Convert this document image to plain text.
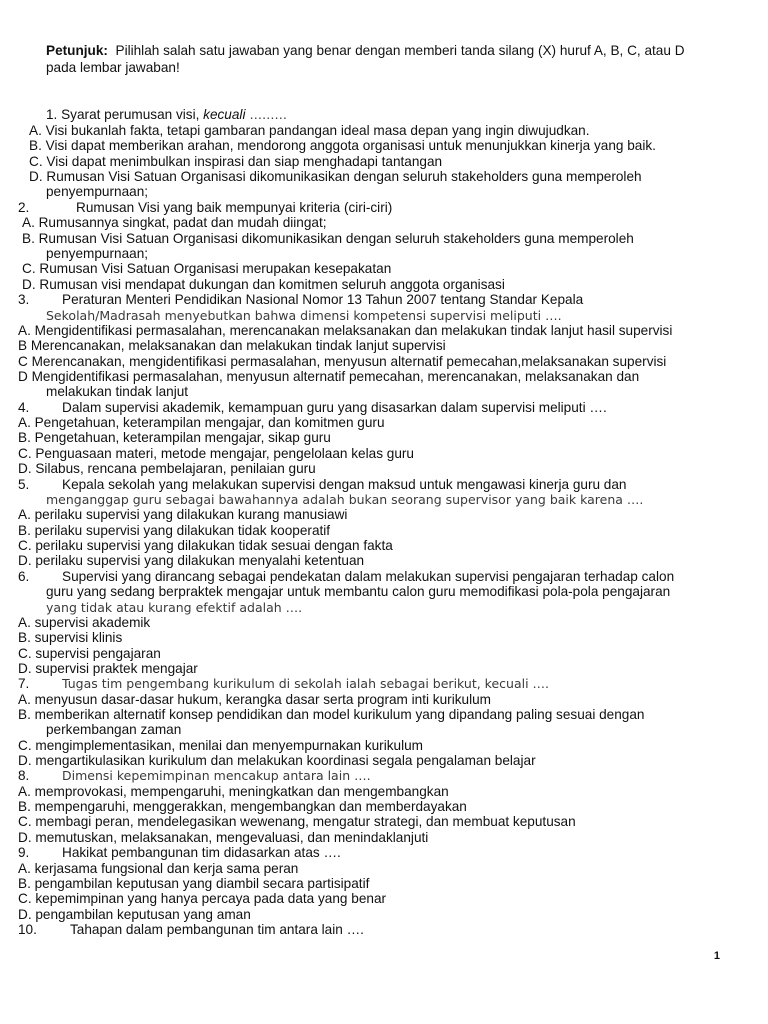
Petunjuk: Pilihlah salah satu jawaban yang benar dengan memberi tanda silang (X) huruf A, B, C, atau D
pada lembar jawaban!
1. Syarat perumusan visi, kecuali ………
A. Visi bukanlah fakta, tetapi gambaran pandangan ideal masa depan yang ingin diwujudkan.
B. Visi dapat memberikan arahan, mendorong anggota organisasi untuk menunjukkan kinerja yang baik.
C. Visi dapat menimbulkan inspirasi dan siap menghadapi tantangan
D. Rumusan Visi Satuan Organisasi dikomunikasikan dengan seluruh stakeholders guna memperoleh
penyempurnaan;
2.	Rumusan Visi yang baik mempunyai kriteria (ciri-ciri)
A. Rumusannya singkat, padat dan mudah diingat;
B. Rumusan Visi Satuan Organisasi dikomunikasikan dengan seluruh stakeholders guna memperoleh
penyempurnaan;
C. Rumusan Visi Satuan Organisasi merupakan kesepakatan
D. Rumusan visi mendapat dukungan dan komitmen seluruh anggota organisasi
3. Peraturan Menteri Pendidikan Nasional Nomor 13 Tahun 2007 tentang Standar Kepala
Sekolah/Madrasah menyebutkan bahwa dimensi kompetensi supervisi meliputi ….
A. Mengidentifikasi permasalahan, merencanakan melaksanakan dan melakukan tindak lanjut hasil supervisi
B Merencanakan, melaksanakan dan melakukan tindak lanjut supervisi
C Merencanakan, mengidentifikasi permasalahan, menyusun alternatif pemecahan,melaksanakan supervisi
D Mengidentifikasi permasalahan, menyusun alternatif pemecahan, merencanakan, melaksanakan dan
melakukan tindak lanjut
4. Dalam supervisi akademik, kemampuan guru yang disasarkan dalam supervisi meliputi ….
A. Pengetahuan, keterampilan mengajar, dan komitmen guru
B. Pengetahuan, keterampilan mengajar, sikap guru
C. Penguasaan materi, metode mengajar, pengelolaan kelas guru
D. Silabus, rencana pembelajaran, penilaian guru
5. Kepala sekolah yang melakukan supervisi dengan maksud untuk mengawasi kinerja guru dan
menganggap guru sebagai bawahannya adalah bukan seorang supervisor yang baik karena ….
A. perilaku supervisi yang dilakukan kurang manusiawi
B. perilaku supervisi yang dilakukan tidak kooperatif
C. perilaku supervisi yang dilakukan tidak sesuai dengan fakta
D. perilaku supervisi yang dilakukan menyalahi ketentuan
6. Supervisi yang dirancang sebagai pendekatan dalam melakukan supervisi pengajaran terhadap calon
guru yang sedang berpraktek mengajar untuk membantu calon guru memodifikasi pola-pola pengajaran
yang tidak atau kurang efektif adalah ….
A. supervisi akademik
B. supervisi klinis
C. supervisi pengajaran
D. supervisi praktek mengajar
7.	Tugas tim pengembang kurikulum di sekolah ialah sebagai berikut, kecuali ….
A. menyusun dasar-dasar hukum, kerangka dasar serta program inti kurikulum
B. memberikan alternatif konsep pendidikan dan model kurikulum yang dipandang paling sesuai dengan
perkembangan zaman
C. mengimplementasikan, menilai dan menyempurnakan kurikulum
D. mengartikulasikan kurikulum dan melakukan koordinasi segala pengalaman belajar
8.	Dimensi kepemimpinan mencakup antara lain ….
A. memprovokasi, mempengaruhi, meningkatkan dan mengembangkan
B. mempengaruhi, menggerakkan, mengembangkan dan memberdayakan
C. membagi peran, mendelegasikan wewenang, mengatur strategi, dan membuat keputusan
D. memutuskan, melaksanakan, mengevaluasi, dan menindaklanjuti
9. Hakikat pembangunan tim didasarkan atas ….
A. kerjasama fungsional dan kerja sama peran
B. pengambilan keputusan yang diambil secara partisipatif
C. kepemimpinan yang hanya percaya pada data yang benar
D. pengambilan keputusan yang aman
10. Tahapan dalam pembangunan tim antara lain ….
1
